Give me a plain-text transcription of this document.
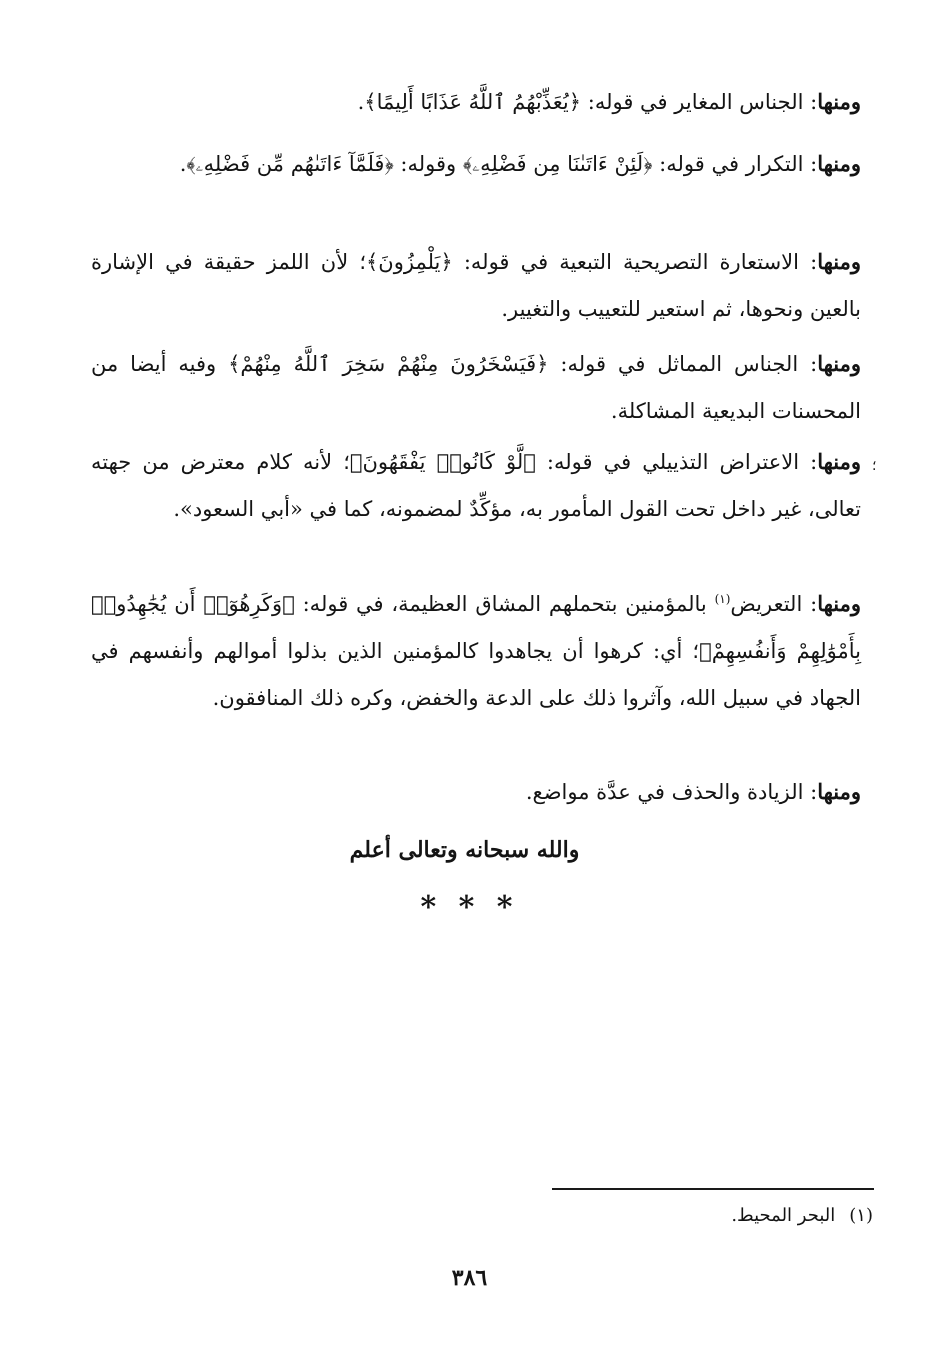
ومنها: الجناس المغاير في قوله: ﴿يُعَذِّبْهُمُ ٱللَّهُ عَذَابًا أَلِيمًا﴾.
ومنها: التكرار في قوله: ﴿لَئِنْ ءَاتَىٰنَا مِن فَضْلِهِۦ﴾ وقوله: ﴿فَلَمَّآ ءَاتَىٰهُم مِّن فَضْلِهِۦ﴾.
ومنها: الاستعارة التصريحية التبعية في قوله: ﴿يَلْمِزُونَ﴾؛ لأن اللمز حقيقة في الإشارة بالعين ونحوها، ثم استعير للتعييب والتغيير.
ومنها: الجناس المماثل في قوله: ﴿فَيَسْخَرُونَ مِنْهُمْ سَخِرَ ٱللَّهُ مِنْهُمْ﴾ وفيه أيضا من المحسنات البديعية المشاكلة.
ومنها: الاعتراض التذييلي في قوله: ﴿لَّوْ كَانُوا۟ يَفْقَهُونَ﴾؛ لأنه كلام معترض من جهته تعالى، غير داخل تحت القول المأمور به، مؤكِّدٌ لمضمونه، كما في «أبي السعود».
ومنها: التعريض$^{(١)}$ بالمؤمنين بتحملهم المشاق العظيمة، في قوله: ﴿وَكَرِهُوٓا۟ أَن يُجَٰهِدُوا۟ بِأَمْوَٰلِهِمْ وَأَنفُسِهِمْ﴾؛ أي: كرهوا أن يجاهدوا كالمؤمنين الذين بذلوا أموالهم وأنفسهم في الجهاد في سبيل الله، وآثروا ذلك على الدعة والخفض، وكره ذلك المنافقون.
ومنها: الزيادة والحذف في عدَّة مواضع.
والله سبحانه وتعالى أعلم
* * *
؛
(١)البحر المحيط.
٣٨٦
